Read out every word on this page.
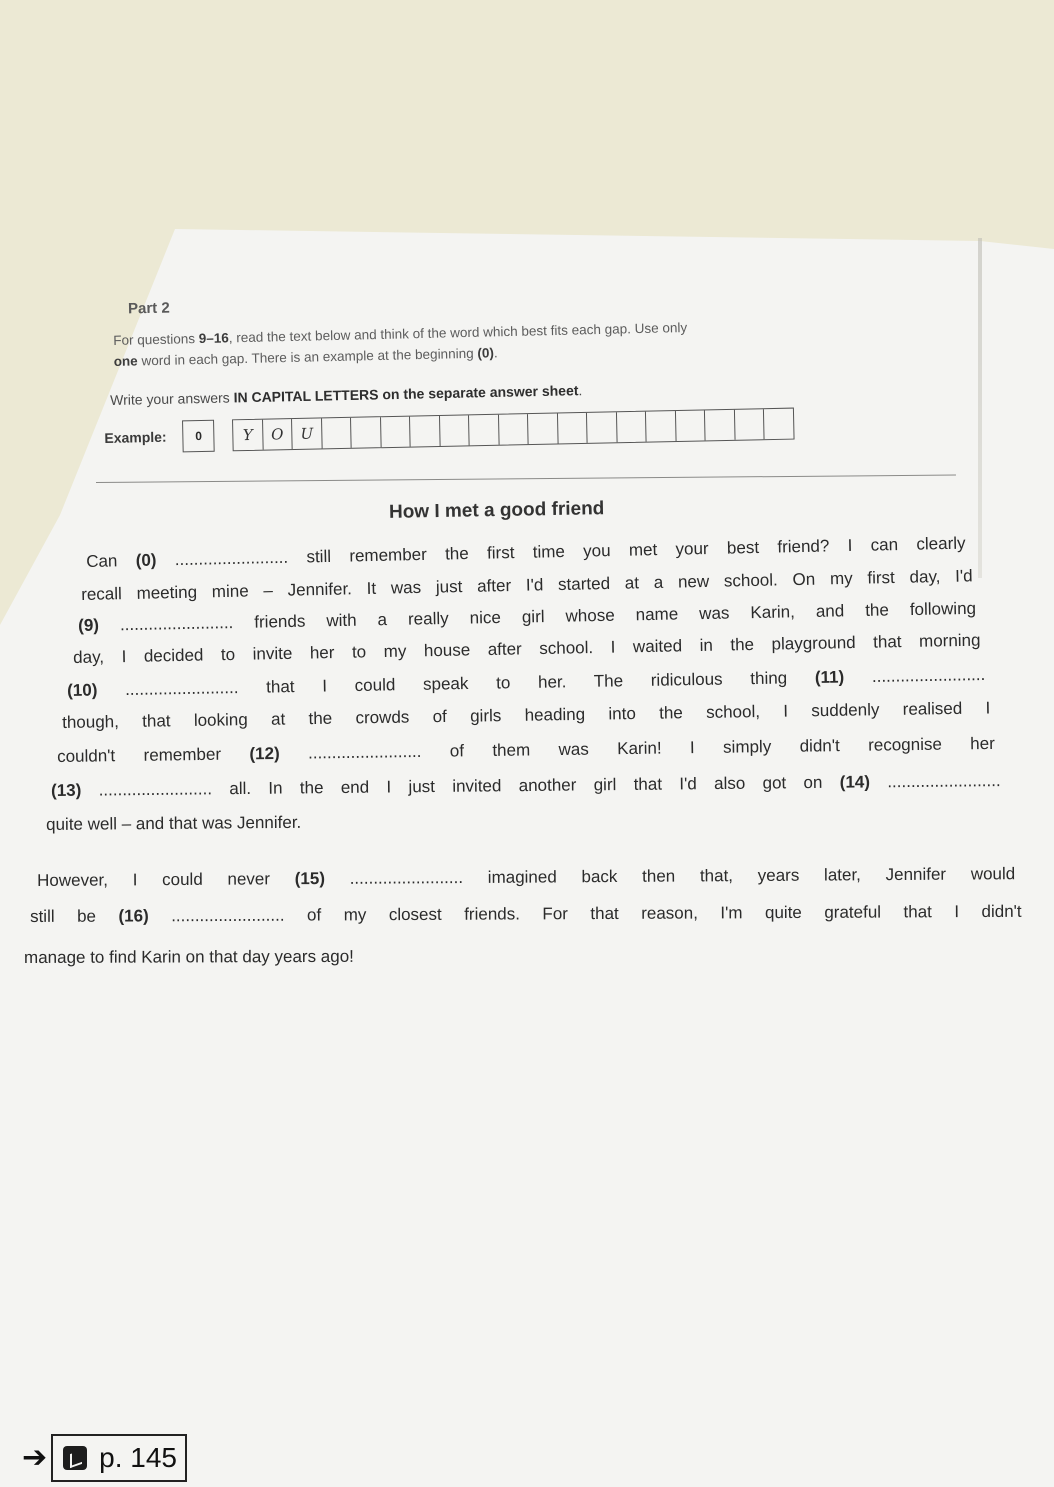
Part 2
For questions 9–16, read the text below and think of the word which best fits each gap. Use only
one word in each gap. There is an example at the beginning (0).
Write your answers IN CAPITAL LETTERS on the separate answer sheet.
Example:	0	Y	O	U
How I met a good friend
Can (0) ........................ still remember the first time you met your best friend? I can clearly
recall meeting mine – Jennifer. It was just after I'd started at a new school. On my first day, I'd
(9) ........................ friends with a really nice girl whose name was Karin, and the following
day, I decided to invite her to my house after school. I waited in the playground that morning
(10) ........................ that I could speak to her. The ridiculous thing (11) ........................
though, that looking at the crowds of girls heading into the school, I suddenly realised I
couldn't remember (12) ........................ of them was Karin! I simply didn't recognise her
(13) ........................ all. In the end I just invited another girl that I'd also got on (14) ........................
quite well – and that was Jennifer.
However, I could never (15) ........................ imagined back then that, years later, Jennifer would
still be (16) ........................ of my closest friends. For that reason, I'm quite grateful that I didn't
manage to find Karin on that day years ago!
➔ p. 145
